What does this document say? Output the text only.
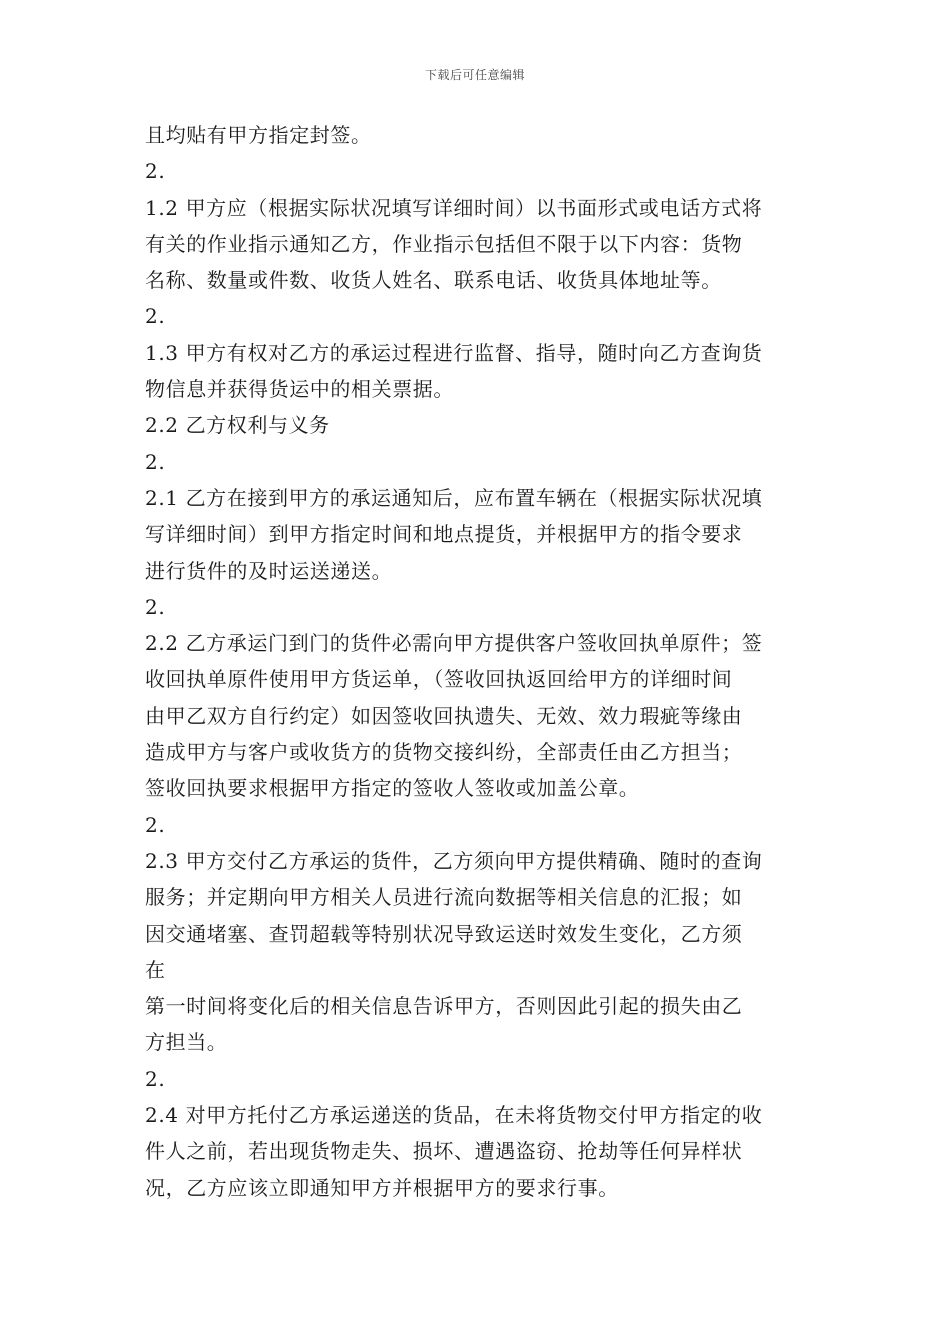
下载后可任意编辑
且均贴有甲方指定封签。
2.
1.2 甲方应（根据实际状况填写详细时间）以书面形式或电话方式将
有关的作业指示通知乙方，作业指示包括但不限于以下内容：货物
名称、数量或件数、收货人姓名、联系电话、收货具体地址等。
2.
1.3 甲方有权对乙方的承运过程进行监督、指导，随时向乙方查询货
物信息并获得货运中的相关票据。
2.2 乙方权利与义务
2.
2.1 乙方在接到甲方的承运通知后，应布置车辆在（根据实际状况填
写详细时间）到甲方指定时间和地点提货，并根据甲方的指令要求
进行货件的及时运送递送。
2.
2.2 乙方承运门到门的货件必需向甲方提供客户签收回执单原件；签
收回执单原件使用甲方货运单，（签收回执返回给甲方的详细时间
由甲乙双方自行约定）如因签收回执遗失、无效、效力瑕疵等缘由
造成甲方与客户或收货方的货物交接纠纷，全部责任由乙方担当；
签收回执要求根据甲方指定的签收人签收或加盖公章。
2.
2.3 甲方交付乙方承运的货件，乙方须向甲方提供精确、随时的查询
服务；并定期向甲方相关人员进行流向数据等相关信息的汇报；如
因交通堵塞、查罚超载等特别状况导致运送时效发生变化，乙方须
在
第一时间将变化后的相关信息告诉甲方，否则因此引起的损失由乙
方担当。
2.
2.4 对甲方托付乙方承运递送的货品，在未将货物交付甲方指定的收
件人之前，若出现货物走失、损坏、遭遇盗窃、抢劫等任何异样状
况，乙方应该立即通知甲方并根据甲方的要求行事。
